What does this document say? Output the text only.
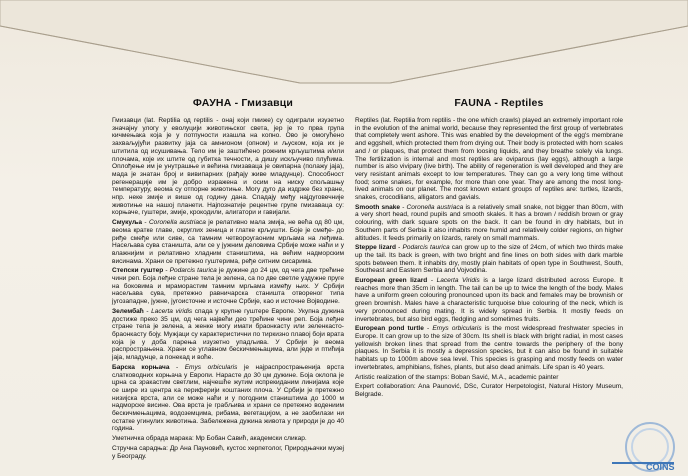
ФАУНА - Гмизавци

Гмизавци (lat. Reptilia од reptilis - онај који гмиже) су одиграли изузетно значајну улогу у еволуцији животињског света, јер је то прва група кичмењака која је у потпуности изашла на копно. Ово је омогућено захваљујући развитку јаја са амнионом (опном) и љуском, која их је штитила од исушивања. Тело им је заштићено рожним крљуштима и/или плочама, које их штите од губитка течности, а дишу искључиво плућима. Оплођење им је унутрашње и већина гмизаваца је овипарна (полажу јаја), мада је знатан број и вивипарних (рађају живе младунце). Способност регенерације им је добро изражена и осим на ниску спољашњу температуру, веома су отпорне животиње. Могу дуго да издрже без хране, нпр. неке змије и више од годину дана. Спадају међу најдуговечније животиње на нашој планети. Најпознатије рецентне групе гмизаваца су: корњаче, гуштери, змије, крокодили, алигатори и гавијали.

Смукуља - Coronella austriaca је релативно мала змија, не већа од 80 цм, веома кратке главе, округлих зеница и глатке крљушти. Боје је смеђе- до риђе смеђе или сиве, са тамним четвороугаоним мрљама на леђима. Насељава сува станишта, али се у јужним деловима Србије може наћи и у влажнијим и релативно хладним стаништима, на већим надморским висинама. Храни се претежно гуштерима, ређе ситним сисарима.

Степски гуштер - Podarcis taurica је дужине до 24 цм, од чега две трећине чини реп. Боја леђне стране тела је зелена, са по две светле уздужне пруге на боковима и мраморастим тамним мрљама између њих. У Србији насељава сува, претежно равничарска станишта отвореног типа југозападне, јужне, југоисточне и источне Србије, као и источне Војводине.

Зелембаћ - Lacerta viridis спада у крупне гуштере Европе. Укупна дужина достиже преко 35 цм, од чега највећи део трећине чини реп. Боја леђне стране тела је зелена, а женке могу имати браонкасту или зеленкасто-браонкасту боју. Мужјаци су карактеристични по тиркизно плавој боји врата која је у доба парења изузетно упадљива. У Србији је веома распрострањена. Храни се углавном бескичмењацима, али једе и птићија јаја, младунце, а понекад и воће.

Барска корњача - Emys orbicularis је најраспрострањенија врста слатководних корњача у Европи. Нарасте до 30 цм дужине. Боја оклопа је црна са зракастим светлим, најчешће жутим испрекиданим линијама које се шире из центра ка периферији коштаних плоча. У Србији је претежно низијска врста, али се може наћи и у погодним стаништима до 1000 м надморске висине. Ова врста је грабљива и храни се претежно водениим бескичмењацима, водоземцима, рибама, вегетацијом, а не заобилази ни остатке угинулих животиња. Забележена дужина живота у природи је до 40 година.

Уметничка обрада марака: Мр Бобан Савић, академски сликар.

Стручна сарадња: Др Ана Пауновић, кустос херпетолог, Природњачки музеј у Београду.

FAUNA - Reptiles

Reptiles (lat. Reptilia from reptilis - the one which crawls) played an extremely important role in the evolution of the animal world, because they represented the first group of vertebrates that completely went ashore. This was enabled by the development of the egg's membrane and eggshell, which protected them from drying out. Their body is protected with horn scales and / or plaques, that protect them from loosing liquids, and they breathe solely via lungs. The fertilization is internal and most reptiles are oviparous (lay eggs), although a large number is also vivipary (live birth). The ability of regeneration is well developed and they are very resistant animals except to low temperatures. They can go a very long time without food; some snakes, for example, for more than one year. They are among the most long-lived animals on our planet. The most known extant groups of reptiles are: turtles, lizards, snakes, crocodilians, alligators and gavials.

Smooth snake - Coronella austriaca is a relatively small snake, not bigger than 80cm, with a very short head, round pupils and smooth skales. It has a brown / reddish brown or gray colouring, with dark square spots on the back. It can be found in dry habitats, but in Southern parts of Serbia it also inhabits more humid and relatively colder regions, on higher altitudes. It feeds primarily on lizards, rarely on small mammals.

Steppe lizard - Podarcis taurica can grow up to the size of 24cm, of which two thirds make up the tail. Its back is green, with two bright and fine lines on both sides with dark marble spots between them. It inhabits dry, mostly plain habitats of open type in Southwest, South, Southeast and Eastern Serbia and Vojvodina.

European green lizard - Lacerta Viridis is a large lizard distributed across Europe. It reaches more than 35cm in length. The tail can be up to twice the length of the body. Males have a uniform green colouring pronounced upon its back and females may be brownish or green brownish. Males have a characteristic turquoise blue colouring of the neck, which is very pronounced during mating. It is widely spread in Serbia. It mostly feeds on invertebrates, but also bird eggs, fledgling and sometimes fruits.

European pond turtle - Emys orbicularis is the most widespread freshwater species in Europe. It can grow up to the size of 30cm. Its shell is black with bright radial, in most cases yellowish broken lines that spread from the centre towards the periphery of the bony plaques. In Serbia it is mostly a depression species, but it can also be found in suitable habitats up to 1000m above sea level. This species is grasping and mostly feeds on water invertebrates, amphibians, fishes, plants, but also dead animals. Life span is 40 years.

Artistic realization of the stamps: Boban Savić, M.A., academic painter

Expert collaboration: Ana Paunović, DSc, Curator Herpetologist, Natural History Museum, Belgrade.

COINS
